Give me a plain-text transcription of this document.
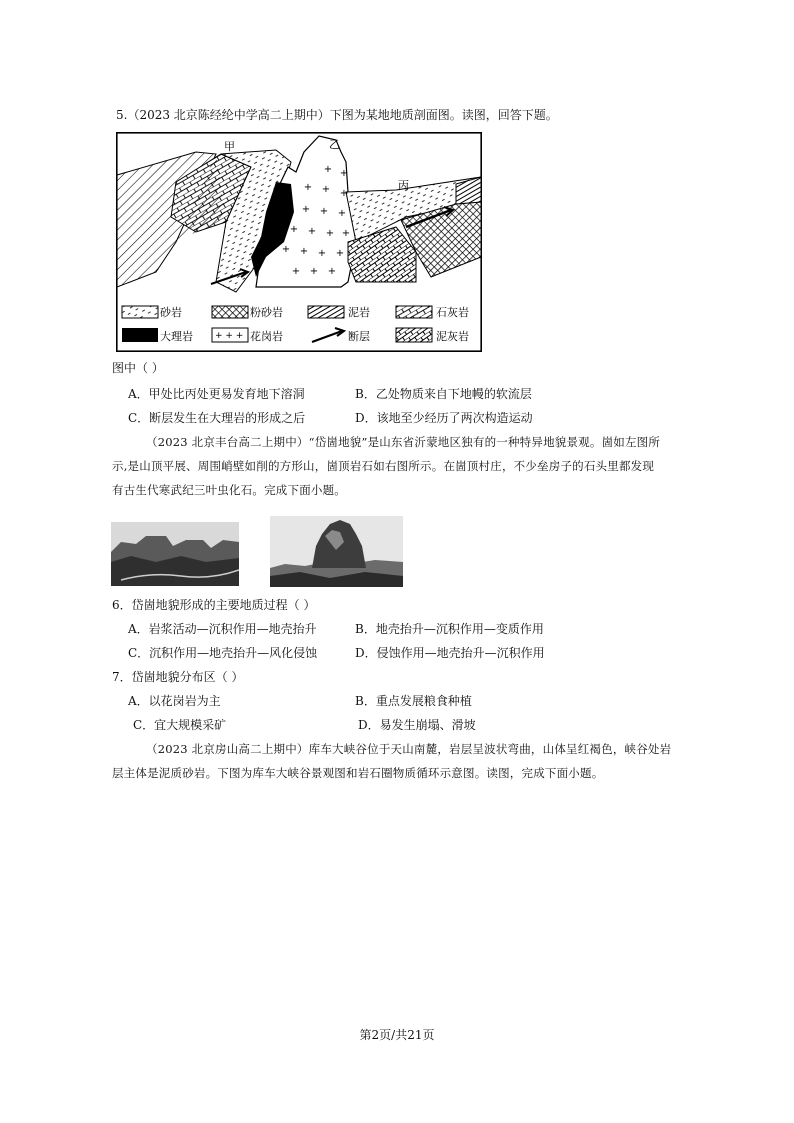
5.（2023 北京陈经纶中学高二上期中）下图为某地地质剖面图。读图，回答下题。
+ +
+ + +
+ + +
+ + + +
+ + + +
+ + +
甲	乙
丙
砂岩	粉砂岩	泥岩	石灰岩
大理岩 + + + 花岗岩	断层	泥灰岩
图中（ ）
A．甲处比丙处更易发育地下溶洞	B．乙处物质来自下地幔的软流层
C．断层发生在大理岩的形成之后	D．该地至少经历了两次构造运动
（2023 北京丰台高二上期中）“岱崮地貌”是山东省沂蒙地区独有的一种特异地貌景观。崮如左图所
示,是山顶平展、周围峭壁如削的方形山，崮顶岩石如右图所示。在崮顶村庄，不少垒房子的石头里都发现
有古生代寒武纪三叶虫化石。完成下面小题。
6．岱崮地貌形成的主要地质过程（ ）
A．岩浆活动—沉积作用—地壳抬升	B．地壳抬升—沉积作用—变质作用
C．沉积作用—地壳抬升—风化侵蚀	D．侵蚀作用—地壳抬升—沉积作用
7．岱崮地貌分布区（ ）
A．以花岗岩为主	B．重点发展粮食种植
C．宜大规模采矿	D．易发生崩塌、滑坡
（2023 北京房山高二上期中）库车大峡谷位于天山南麓，岩层呈波状弯曲，山体呈红褐色，峡谷处岩
层主体是泥质砂岩。下图为库车大峡谷景观图和岩石圈物质循环示意图。读图，完成下面小题。
第2页/共21页
